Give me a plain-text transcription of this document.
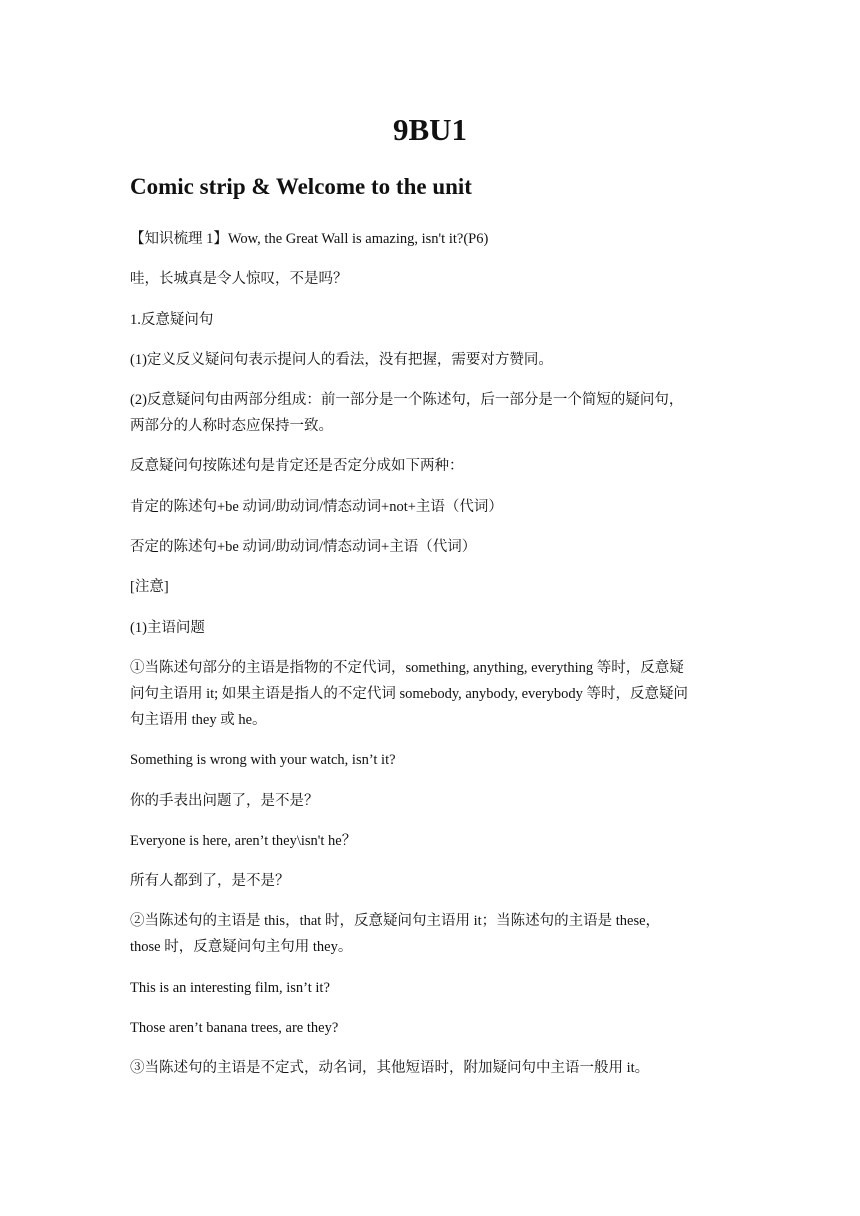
9BU1
Comic strip & Welcome to the unit

【知识梳理 1】Wow, the Great Wall is amazing, isn't it?(P6)

哇，长城真是令人惊叹，不是吗？

1.反意疑问句

(1)定义反义疑问句表示提问人的看法，没有把握，需要对方赞同。

(2)反意疑问句由两部分组成：前一部分是一个陈述句，后一部分是一个简短的疑问句，两部分的人称时态应保持一致。

反意疑问句按陈述句是肯定还是否定分成如下两种：

肯定的陈述句+be 动词/助动词/情态动词+not+主语（代词）

否定的陈述句+be 动词/助动词/情态动词+主语（代词）

[注意]

(1)主语问题

①当陈述句部分的主语是指物的不定代词，something, anything, everything 等时，反意疑问句主语用 it; 如果主语是指人的不定代词 somebody, anybody, everybody 等时，反意疑问句主语用 they 或 he。

Something is wrong with your watch, isn’t it?

你的手表出问题了，是不是？

Everyone is here, aren’t they\isn't he？

所有人都到了，是不是？

②当陈述句的主语是 this，that 时，反意疑问句主语用 it；当陈述句的主语是 these，those 时，反意疑问句主句用 they。

This is an interesting film, isn’t it?

Those aren’t banana trees, are they?

③当陈述句的主语是不定式，动名词，其他短语时，附加疑问句中主语一般用 it。
